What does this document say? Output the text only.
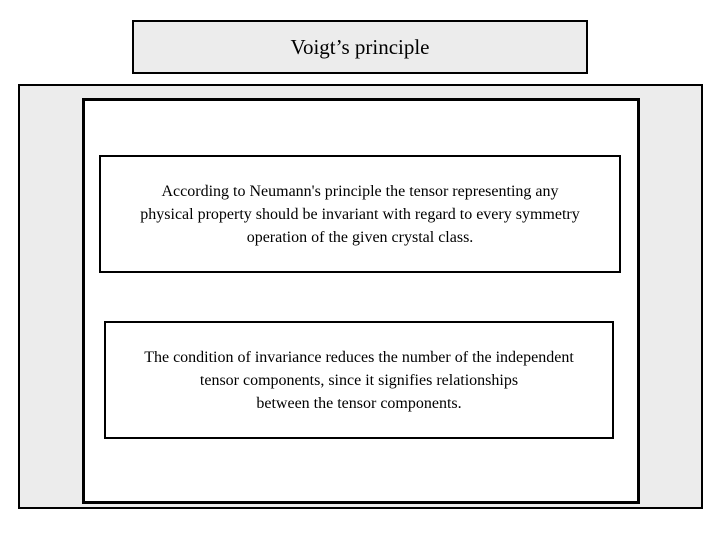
Voigt’s principle

According to Neumann's principle the tensor representing any
physical property should be invariant with regard to every symmetry
operation of the given crystal class.

The condition of invariance reduces the number of the independent
tensor components, since it signifies relationships
between the tensor components.
